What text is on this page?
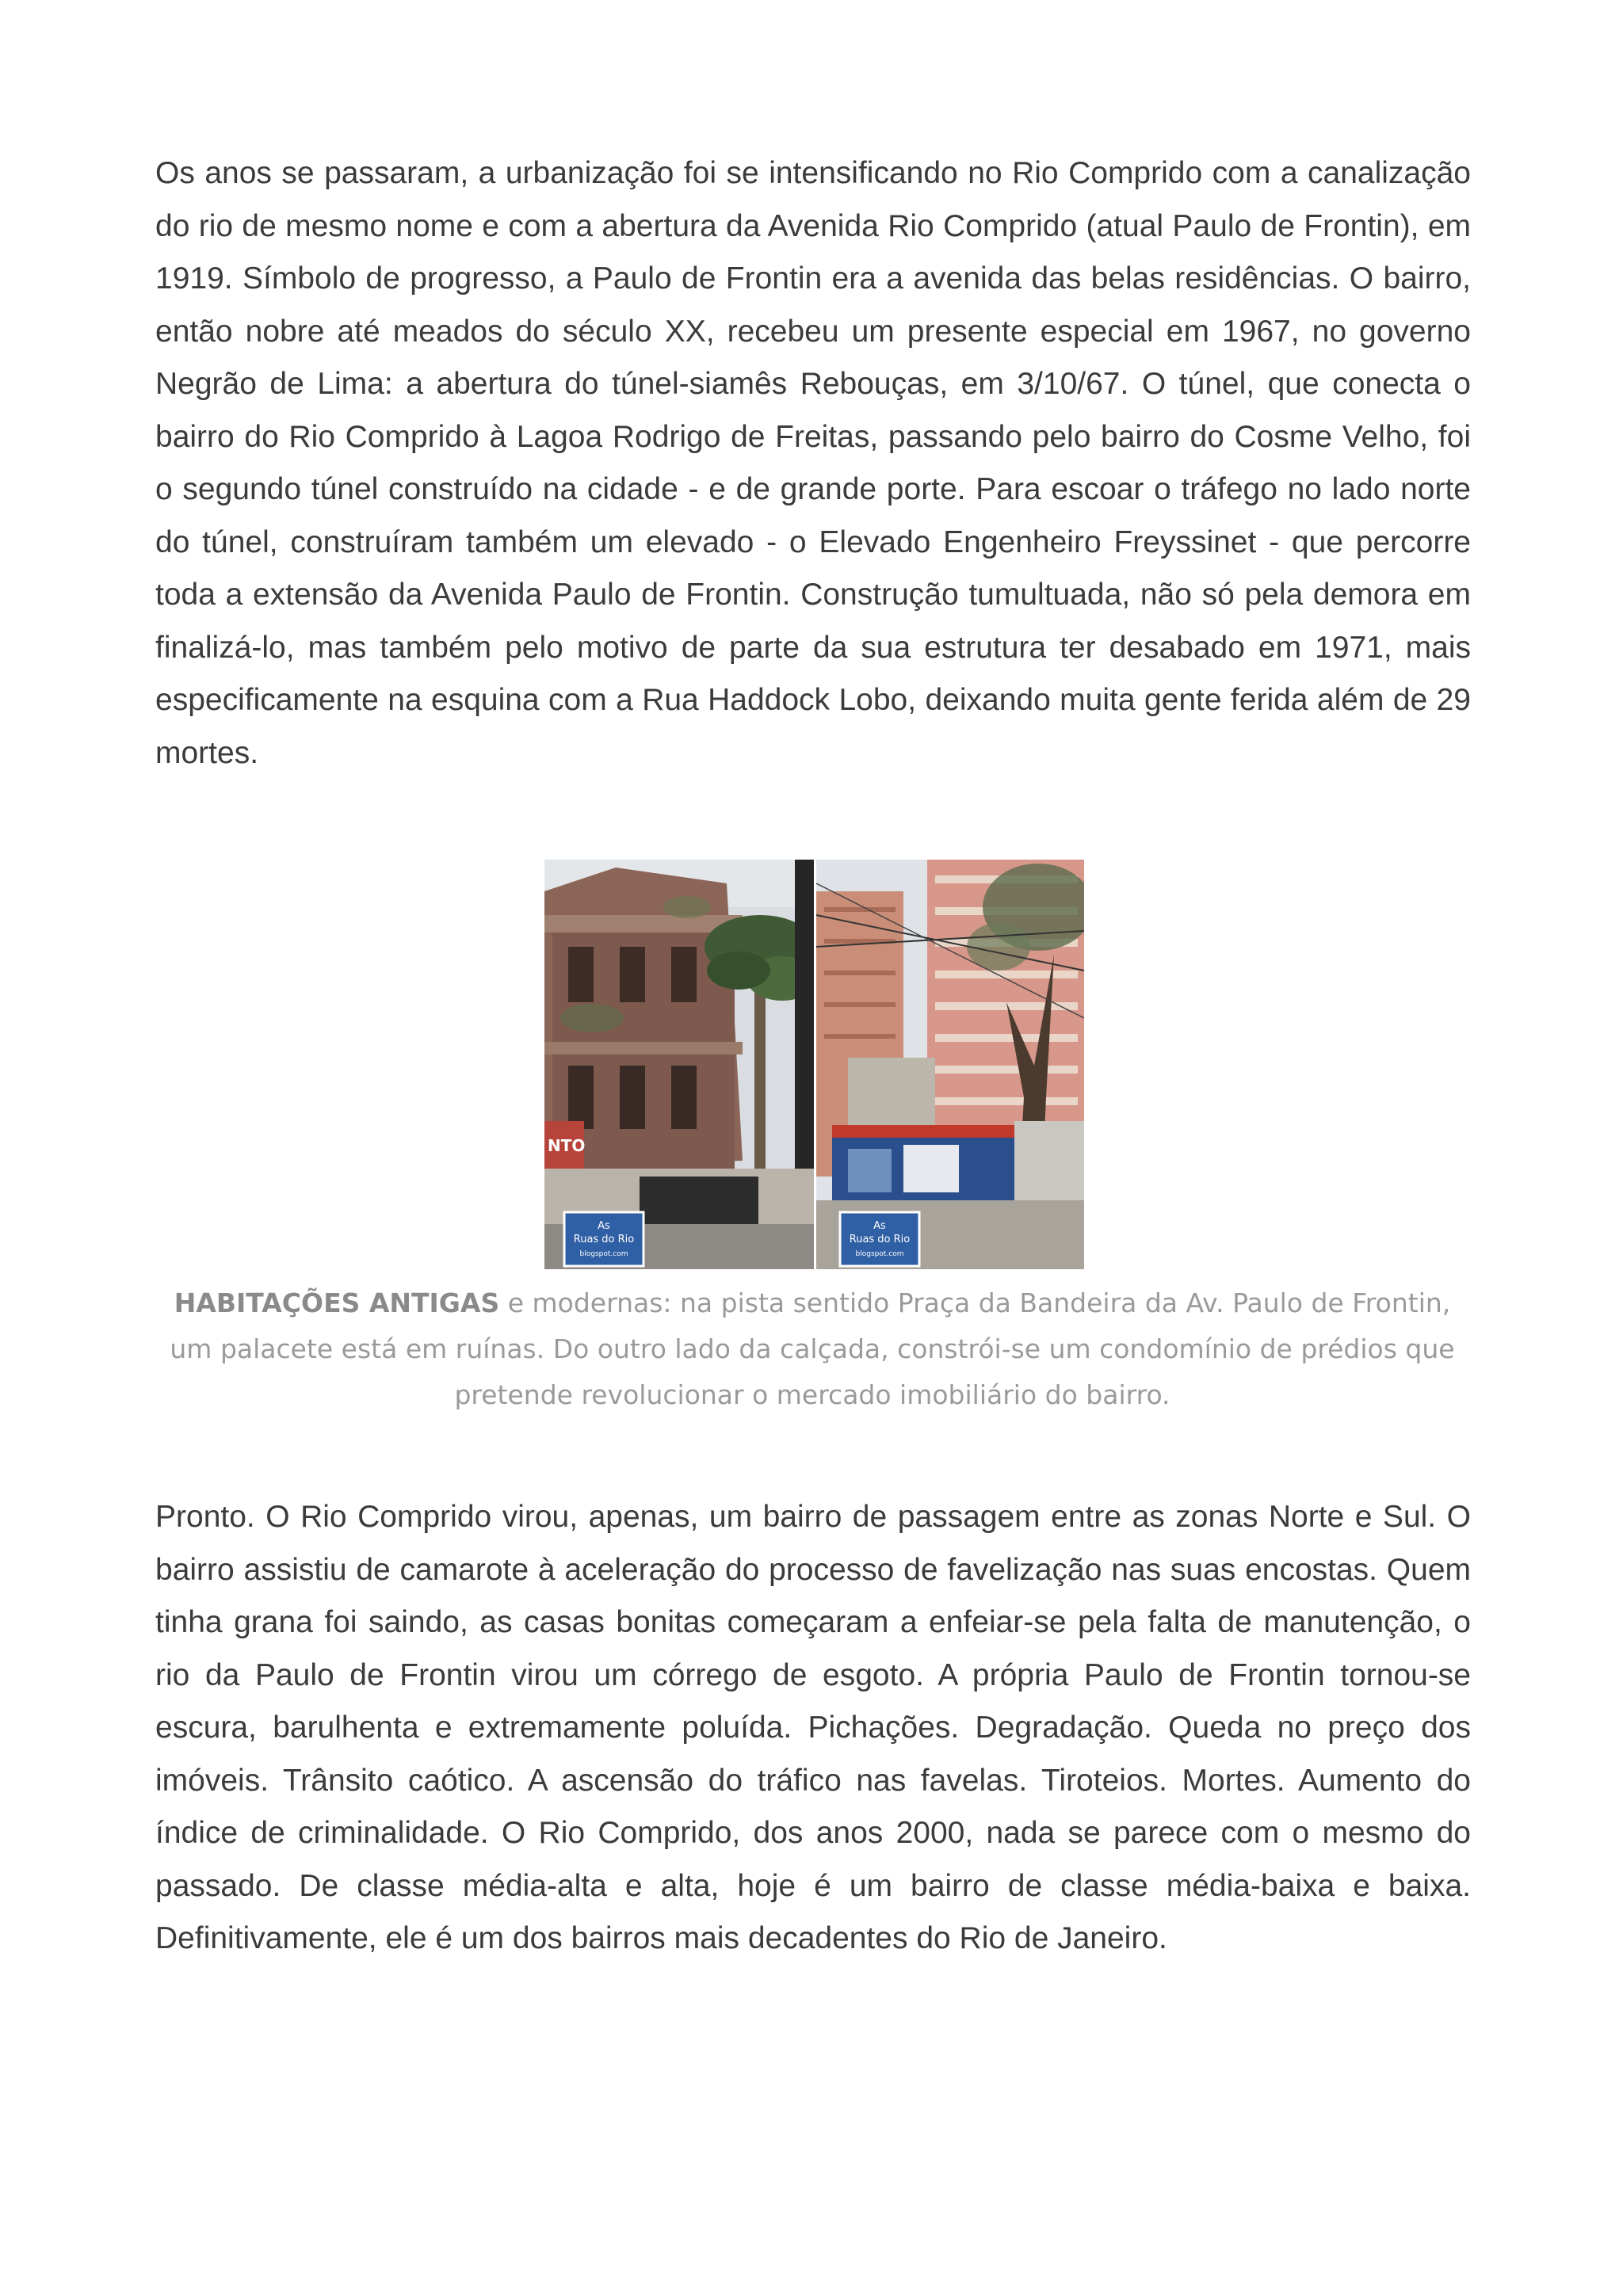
Os anos se passaram, a urbanização foi se intensificando no Rio Comprido com a canalização do rio de mesmo nome e com a abertura da Avenida Rio Comprido (atual Paulo de Frontin), em 1919. Símbolo de progresso, a Paulo de Frontin era a avenida das belas residências. O bairro, então nobre até meados do século XX, recebeu um presente especial em 1967, no governo Negrão de Lima: a abertura do túnel-siamês Rebouças, em 3/10/67. O túnel, que conecta o bairro do Rio Comprido à Lagoa Rodrigo de Freitas, passando pelo bairro do Cosme Velho, foi o segundo túnel construído na cidade - e de grande porte. Para escoar o tráfego no lado norte do túnel, construíram também um elevado - o Elevado Engenheiro Freyssinet - que percorre toda a extensão da Avenida Paulo de Frontin. Construção tumultuada, não só pela demora em finalizá-lo, mas também pelo motivo de parte da sua estrutura ter desabado em 1971, mais especificamente na esquina com a Rua Haddock Lobo, deixando muita gente ferida além de 29 mortes.

NTO
As
Ruas do Rio
blogspot.com
As
Ruas do Rio
blogspot.com

HABITAÇÕES ANTIGAS e modernas: na pista sentido Praça da Bandeira da Av. Paulo de Frontin, um palacete está em ruínas. Do outro lado da calçada, constrói-se um condomínio de prédios que pretende revolucionar o mercado imobiliário do bairro.

Pronto. O Rio Comprido virou, apenas, um bairro de passagem entre as zonas Norte e Sul. O bairro assistiu de camarote à aceleração do processo de favelização nas suas encostas. Quem tinha grana foi saindo, as casas bonitas começaram a enfeiar-se pela falta de manutenção, o rio da Paulo de Frontin virou um córrego de esgoto. A própria Paulo de Frontin tornou-se escura, barulhenta e extremamente poluída. Pichações. Degradação. Queda no preço dos imóveis. Trânsito caótico. A ascensão do tráfico nas favelas. Tiroteios. Mortes. Aumento do índice de criminalidade. O Rio Comprido, dos anos 2000, nada se parece com o mesmo do passado. De classe média-alta e alta, hoje é um bairro de classe média-baixa e baixa. Definitivamente, ele é um dos bairros mais decadentes do Rio de Janeiro.
